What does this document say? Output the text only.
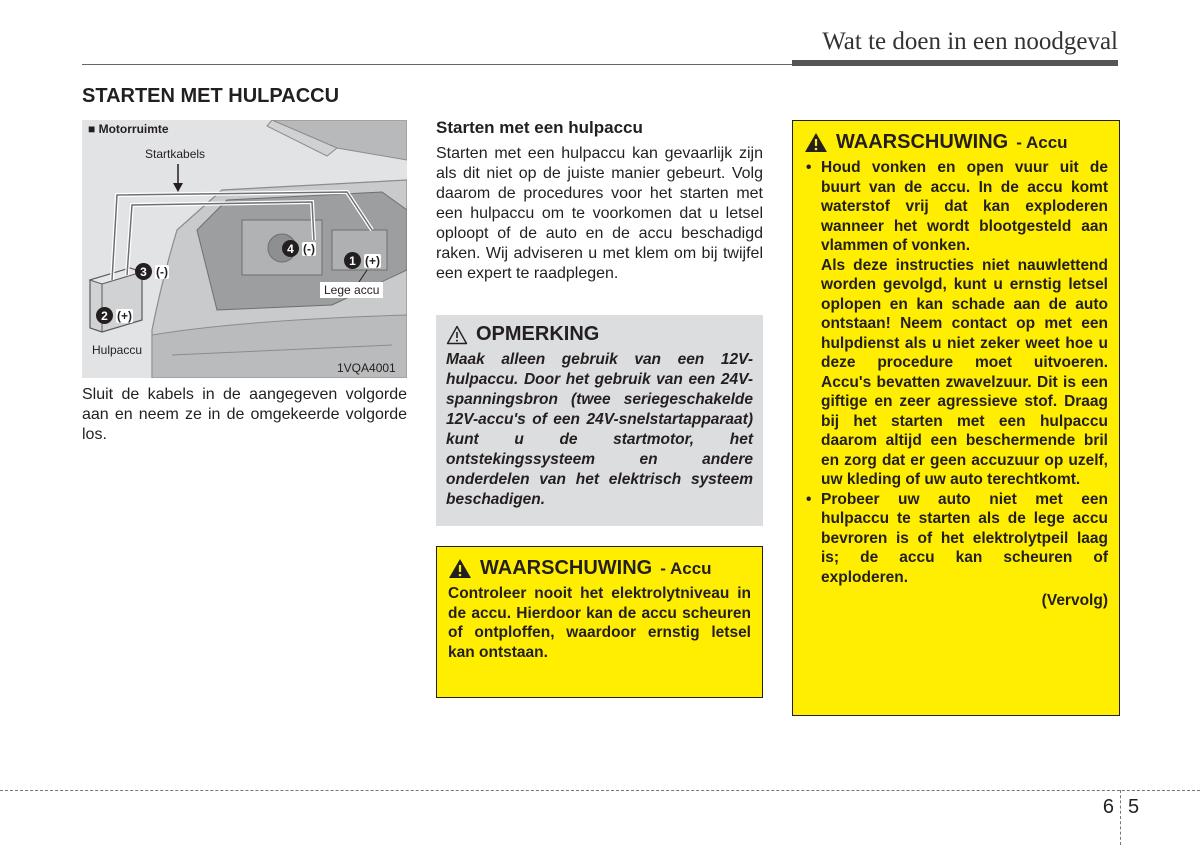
Wat te doen in een noodgeval
STARTEN MET HULPACCU
■ Motorruimte
Startkabels
Lege accu
Hulpaccu
1VQA4001
1 (+)
2 (+)
3 (-)
4 (-)
Sluit de kabels in de aangegeven volgorde aan en neem ze in de omgekeerde volgorde los.
Starten met een hulpaccu
Starten met een hulpaccu kan gevaarlijk zijn als dit niet op de juiste manier gebeurt. Volg daarom de procedures voor het starten met een hulpaccu om te voorkomen dat u letsel oploopt of de auto en de accu beschadigd raken. Wij adviseren u met klem om bij twijfel een expert te raadplegen.
OPMERKING
Maak alleen gebruik van een 12V-hulpaccu. Door het gebruik van een 24V-spanningsbron (twee seriegeschakelde 12V-accu's of een 24V-snelstartapparaat) kunt u de startmotor, het ontstekingssysteem en andere onderdelen van het elektrisch systeem beschadigen.
WAARSCHUWING - Accu
Controleer nooit het elektrolytniveau in de accu. Hierdoor kan de accu scheuren of ontploffen, waardoor ernstig letsel kan ontstaan.
WAARSCHUWING - Accu
• Houd vonken en open vuur uit de buurt van de accu. In de accu komt waterstof vrij dat kan exploderen wanneer het wordt blootgesteld aan vlammen of vonken.
Als deze instructies niet nauwlettend worden gevolgd, kunt u ernstig letsel oplopen en kan schade aan de auto ontstaan! Neem contact op met een hulpdienst als u niet zeker weet hoe u deze procedure moet uitvoeren. Accu's bevatten zwavelzuur. Dit is een giftige en zeer agressieve stof. Draag bij het starten met een hulpaccu daarom altijd een beschermende bril en zorg dat er geen accuzuur op uzelf, uw kleding of uw auto terechtkomt.
• Probeer uw auto niet met een hulpaccu te starten als de lege accu bevroren is of het elektrolytpeil laag is; de accu kan scheuren of exploderen.
(Vervolg)
6 5
